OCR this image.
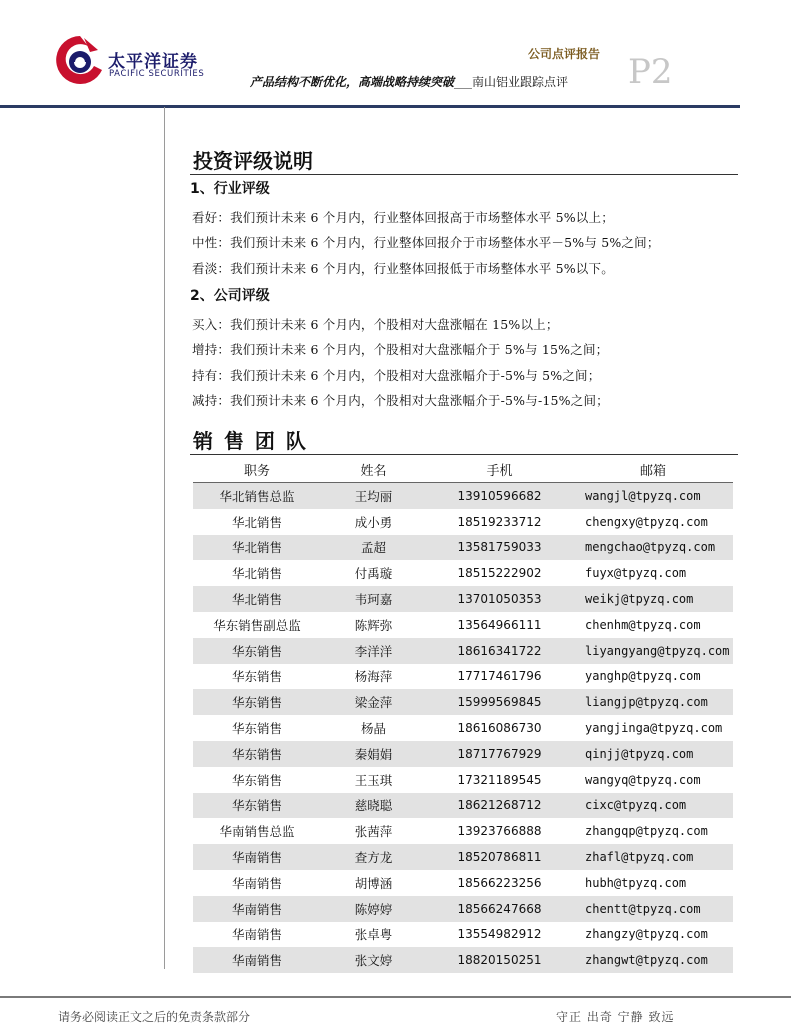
太平洋证券
PACIFIC SECURITIES
公司点评报告
产品结构不断优化，高端战略持续突破___南山铝业跟踪点评 P2
投资评级说明
1、行业评级
看好：我们预计未来 6 个月内，行业整体回报高于市场整体水平 5%以上；
中性：我们预计未来 6 个月内，行业整体回报介于市场整体水平－5%与 5%之间；
看淡：我们预计未来 6 个月内，行业整体回报低于市场整体水平 5%以下。
2、公司评级
买入：我们预计未来 6 个月内，个股相对大盘涨幅在 15%以上；
增持：我们预计未来 6 个月内，个股相对大盘涨幅介于 5%与 15%之间；
持有：我们预计未来 6 个月内，个股相对大盘涨幅介于-5%与 5%之间；
减持：我们预计未来 6 个月内，个股相对大盘涨幅介于-5%与-15%之间；
销 售 团 队
职务	姓名	手机	邮箱
华北销售总监	王均丽	13910596682	wangjl@tpyzq.com
华北销售	成小勇	18519233712	chengxy@tpyzq.com
华北销售	孟超	13581759033	mengchao@tpyzq.com
华北销售	付禹璇	18515222902	fuyx@tpyzq.com
华北销售	韦珂嘉	13701050353	weikj@tpyzq.com
华东销售副总监	陈辉弥	13564966111	chenhm@tpyzq.com
华东销售	李洋洋	18616341722	liyangyang@tpyzq.com
华东销售	杨海萍	17717461796	yanghp@tpyzq.com
华东销售	梁金萍	15999569845	liangjp@tpyzq.com
华东销售	杨晶	18616086730	yangjinga@tpyzq.com
华东销售	秦娟娟	18717767929	qinjj@tpyzq.com
华东销售	王玉琪	17321189545	wangyq@tpyzq.com
华东销售	慈晓聪	18621268712	cixc@tpyzq.com
华南销售总监	张茜萍	13923766888	zhangqp@tpyzq.com
华南销售	查方龙	18520786811	zhafl@tpyzq.com
华南销售	胡博涵	18566223256	hubh@tpyzq.com
华南销售	陈婷婷	18566247668	chentt@tpyzq.com
华南销售	张卓粤	13554982912	zhangzy@tpyzq.com
华南销售	张文婷	18820150251	zhangwt@tpyzq.com
请务必阅读正文之后的免责条款部分	守正 出奇 宁静 致远
